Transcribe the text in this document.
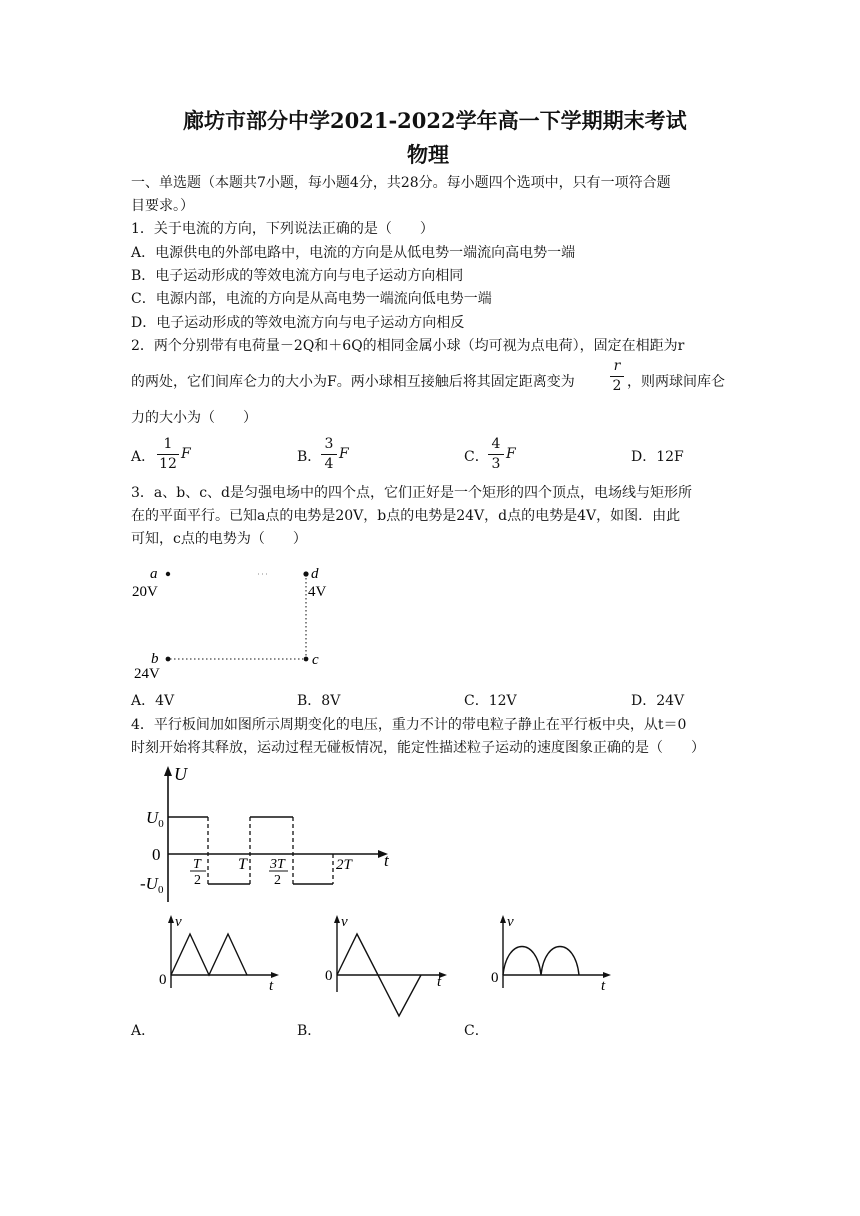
廊坊市部分中学2021-2022学年高一下学期期末考试
物理
一、单选题（本题共7小题，每小题4分，共28分。每小题四个选项中，只有一项符合题
目要求。）
1．关于电流的方向，下列说法正确的是（　　）
A．电源供电的外部电路中，电流的方向是从低电势一端流向高电势一端
B．电子运动形成的等效电流方向与电子运动方向相同
C．电源内部，电流的方向是从高电势一端流向低电势一端
D．电子运动形成的等效电流方向与电子运动方向相反
2．两个分别带有电荷量－2Q和＋6Q的相同金属小球（均可视为点电荷），固定在相距为r
的两处，它们间库仑力的大小为F。两小球相互接触后将其固定距离变为
r
2 ，则两球间库仑
力的大小为（　　）
A．
1
12
F	B．
3
4
F	C．
4
3
F	D．12F
3．a、b、c、d是匀强电场中的四个点，它们正好是一个矩形的四个顶点，电场线与矩形所
在的平面平行。已知a点的电势是20V，b点的电势是24V，d点的电势是4V，如图．由此
可知，c点的电势为（　　）
a
20V
d
4V
b
24V
c
A．4V	B．8V	C．12V	D．24V
4．平行板间加如图所示周期变化的电压，重力不计的带电粒子静止在平行板中央，从t＝0
时刻开始将其释放，运动过程无碰板情况，能定性描述粒子运动的速度图象正确的是（　　）
U
$U_0$
0
$-U_0$
T
2
T 3T
2
2T t
v
0	t
v
0	t
v
0	t
A．	B．	C．
